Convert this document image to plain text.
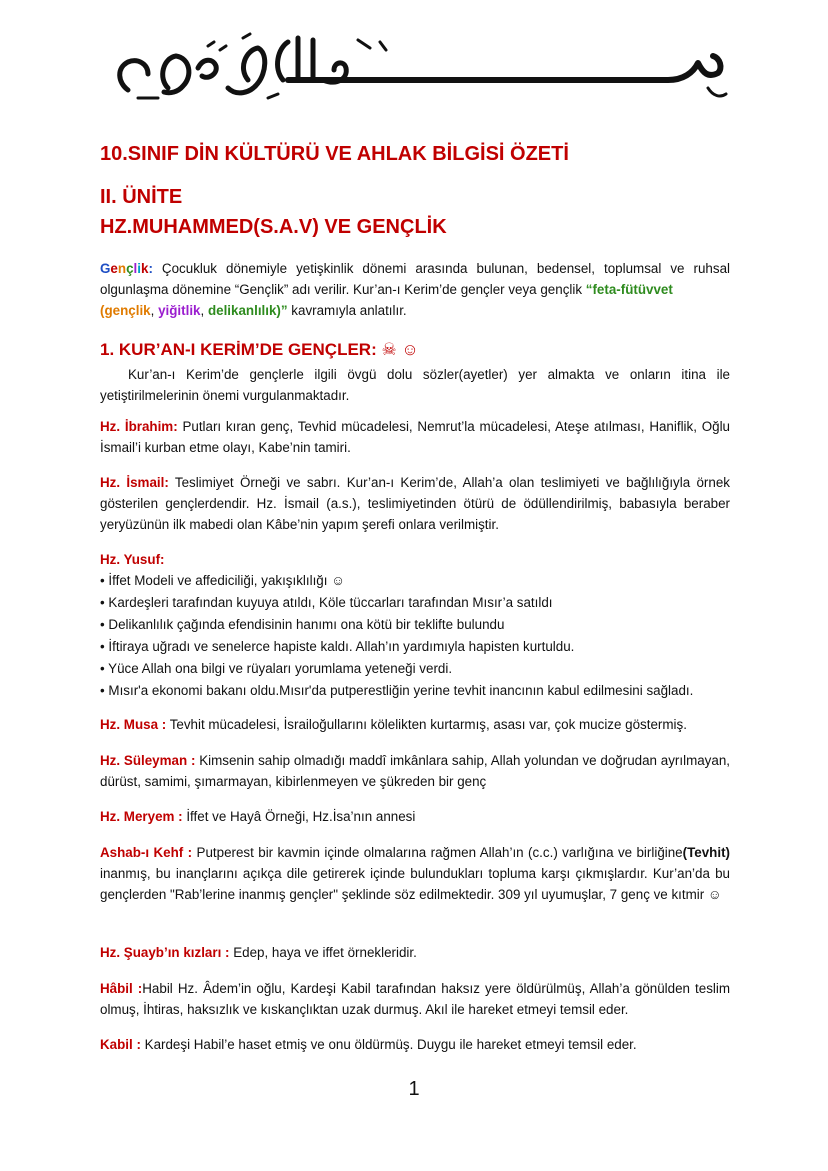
10.SINIF DİN KÜLTÜRÜ VE AHLAK BİLGİSİ ÖZETİ
II. ÜNİTE
HZ.MUHAMMED(S.A.V) VE GENÇLİK
Gençlik: Çocukluk dönemiyle yetişkinlik dönemi arasında bulunan, bedensel, toplumsal ve ruhsal olgunlaşma dönemine “Gençlik” adı verilir. Kur’an-ı Kerim’de gençler veya gençlik “feta-fütüvvet
(gençlik, yiğitlik, delikanlılık)” kavramıyla anlatılır.
1. KUR’AN-I KERİM’DE GENÇLER: ☠ ☺
Kur’an-ı Kerim’de gençlerle ilgili övgü dolu sözler(ayetler) yer almakta ve onların itina ile yetiştirilmelerinin önemi vurgulanmaktadır.
Hz. İbrahim: Putları kıran genç, Tevhid mücadelesi, Nemrut’la mücadelesi, Ateşe atılması, Haniflik, Oğlu İsmail’i kurban etme olayı, Kabe’nin tamiri.
Hz. İsmail: Teslimiyet Örneği ve sabrı. Kur’an-ı Kerim’de, Allah’a olan teslimiyeti ve bağlılığıyla örnek gösterilen gençlerdendir. Hz. İsmail (a.s.), teslimiyetinden ötürü de ödüllendirilmiş, babasıyla beraber yeryüzünün ilk mabedi olan Kâbe’nin yapım şerefi onlara verilmiştir.
Hz. Yusuf:
• İffet Modeli ve affediciliği, yakışıklılığı ☺
• Kardeşleri tarafından kuyuya atıldı, Köle tüccarları tarafından Mısır’a satıldı
• Delikanlılık çağında efendisinin hanımı ona kötü bir teklifte bulundu
• İftiraya uğradı ve senelerce hapiste kaldı. Allah’ın yardımıyla hapisten kurtuldu.
• Yüce Allah ona bilgi ve rüyaları yorumlama yeteneği verdi.
• Mısır'a ekonomi bakanı oldu.Mısır'da putperestliğin yerine tevhit inancının kabul edilmesini sağladı.
Hz. Musa : Tevhit mücadelesi, İsrailoğullarını kölelikten kurtarmış, asası var, çok mucize göstermiş.
Hz. Süleyman : Kimsenin sahip olmadığı maddî imkânlara sahip, Allah yolundan ve doğrudan ayrılmayan, dürüst, samimi, şımarmayan, kibirlenmeyen ve şükreden bir genç
Hz. Meryem : İffet ve Hayâ Örneği, Hz.İsa’nın annesi
Ashab-ı Kehf : Putperest bir kavmin içinde olmalarına rağmen Allah’ın (c.c.) varlığına ve birliğine(Tevhit) inanmış, bu inançlarını açıkça dile getirerek içinde bulundukları topluma karşı çıkmışlardır. Kur’an’da bu gençlerden "Rab’lerine inanmış gençler" şeklinde söz edilmektedir. 309 yıl uyumuşlar, 7 genç ve kıtmir ☺
Hz. Şuayb’ın kızları : Edep, haya ve iffet örnekleridir.
Hâbil :Habil Hz. Âdem’in oğlu, Kardeşi Kabil tarafından haksız yere öldürülmüş, Allah’a gönülden teslim olmuş, İhtiras, haksızlık ve kıskançlıktan uzak durmuş. Akıl ile hareket etmeyi temsil eder.
Kabil : Kardeşi Habil’e haset etmiş ve onu öldürmüş. Duygu ile hareket etmeyi temsil eder.
1
